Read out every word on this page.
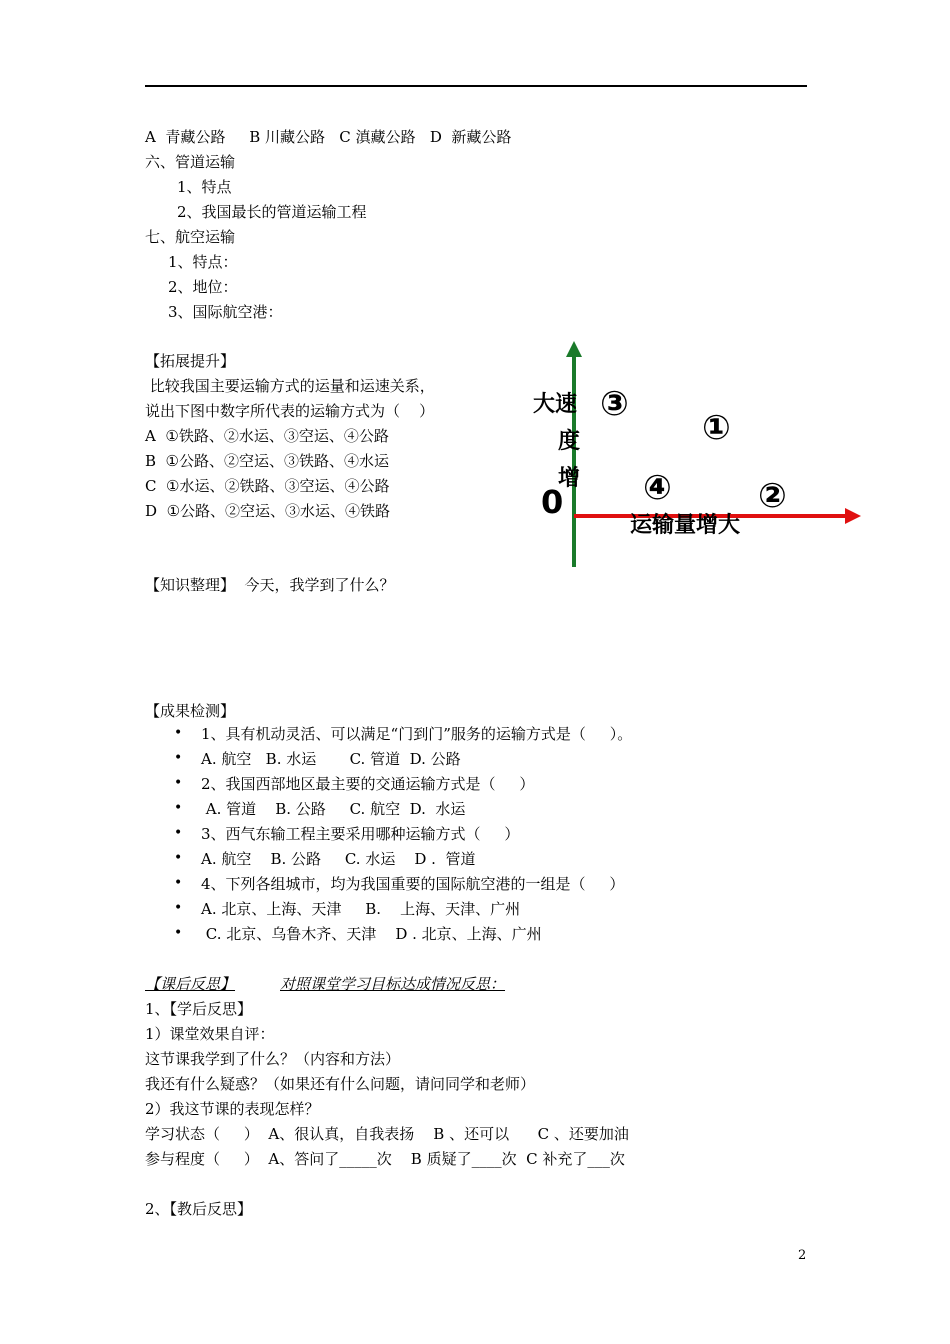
A  青藏公路     B 川藏公路   C 滇藏公路   D  新藏公路
六、管道运输
1、特点
2、我国最长的管道运输工程
七、航空运输
1、特点：
2、地位：
3、国际航空港：
【拓展提升】
比较我国主要运输方式的运量和运速关系，
说出下图中数字所代表的运输方式为（    ）
A  ①铁路、②水运、③空运、④公路
B  ①公路、②空运、③铁路、④水运
C  ①水运、②铁路、③空运、④公路
D  ①公路、②空运、③水运、④铁路
大速
度
增
0
运输量增大
③
①
④	②
【知识整理】  今天，我学到了什么？
【成果检测】
• 1、具有机动灵活、可以满足“门到门”服务的运输方式是（     ）。
• A. 航空   B. 水运       C. 管道  D. 公路
• 2、我国西部地区最主要的交通运输方式是（     ）
• A. 管道    B. 公路     C. 航空  D.  水运
• 3、西气东输工程主要采用哪种运输方式（     ）
• A. 航空    B. 公路     C. 水运    D .  管道
• 4、下列各组城市，均为我国重要的国际航空港的一组是（     ）
• A. 北京、上海、天津     B.    上海、天津、广州
• C. 北京、乌鲁木齐、天津    D . 北京、上海、广州
【课后反思】	对照课堂学习目标达成情况反思：
1、【学后反思】
1）课堂效果自评：
这节课我学到了什么？（内容和方法）
我还有什么疑惑？（如果还有什么问题，请问同学和老师）
2）我这节课的表现怎样？
学习状态（     ）  A、很认真，自我表扬    B 、还可以      C 、还要加油
参与程度（     ）  A、答问了_____次    B 质疑了____次  C 补充了___次
2、【教后反思】
2
